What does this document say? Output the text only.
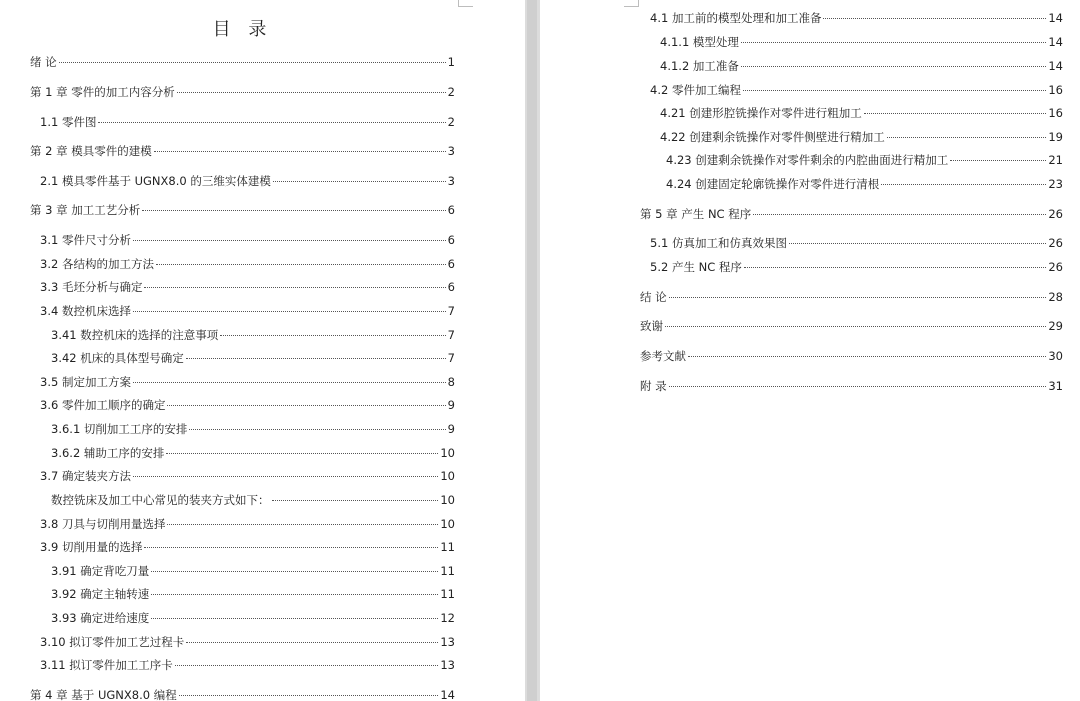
目 录
绪 论	1
第 1 章 零件的加工内容分析	2
1.1 零件图	2
第 2 章 模具零件的建模	3
2.1 模具零件基于 UGNX8.0 的三维实体建模	3
第 3 章 加工工艺分析	6
3.1 零件尺寸分析	6
3.2 各结构的加工方法	6
3.3 毛坯分析与确定	6
3.4 数控机床选择	7
3.41 数控机床的选择的注意事项	7
3.42 机床的具体型号确定	7
3.5 制定加工方案	8
3.6 零件加工顺序的确定	9
3.6.1 切削加工工序的安排	9
3.6.2 辅助工序的安排	10
3.7 确定装夹方法	10
数控铣床及加工中心常见的装夹方式如下：	10
3.8 刀具与切削用量选择	10
3.9 切削用量的选择	11
3.91 确定背吃刀量	11
3.92 确定主轴转速	11
3.93 确定进给速度	12
3.10 拟订零件加工艺过程卡	13
3.11 拟订零件加工工序卡	13
第 4 章 基于 UGNX8.0 编程	14
4.1 加工前的模型处理和加工准备	14
4.1.1 模型处理	14
4.1.2 加工准备	14
4.2 零件加工编程	16
4.21 创建形腔铣操作对零件进行粗加工	16
4.22 创建剩余铣操作对零件侧壁进行精加工	19
4.23 创建剩余铣操作对零件剩余的内腔曲面进行精加工	21
4.24 创建固定轮廓铣操作对零件进行清根	23
第 5 章 产生 NC 程序	26
5.1 仿真加工和仿真效果图	26
5.2 产生 NC 程序	26
结 论	28
致谢	29
参考文献	30
附 录	31
